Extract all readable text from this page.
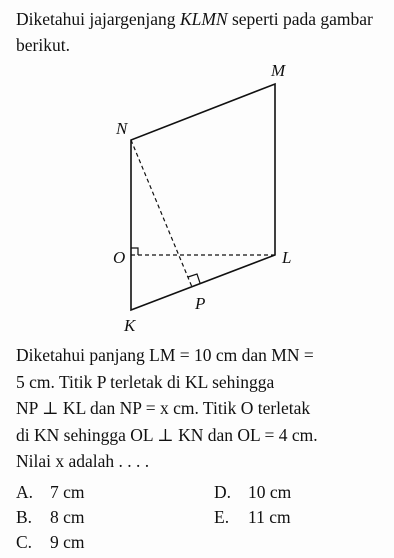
Diketahui jajargenjang KLMN seperti pada gambar berikut.
M
N
O	L
P
K

Diketahui panjang LM = 10 cm dan MN =

5 cm. Titik P terletak di KL sehingga

NP ⊥ KL dan NP = x cm. Titik O terletak

di KN sehingga OL ⊥ KN dan OL = 4 cm.

Nilai x adalah . . . .

A. 7 cm
B. 8 cm
C. 9 cm
D. 10 cm
E. 11 cm
